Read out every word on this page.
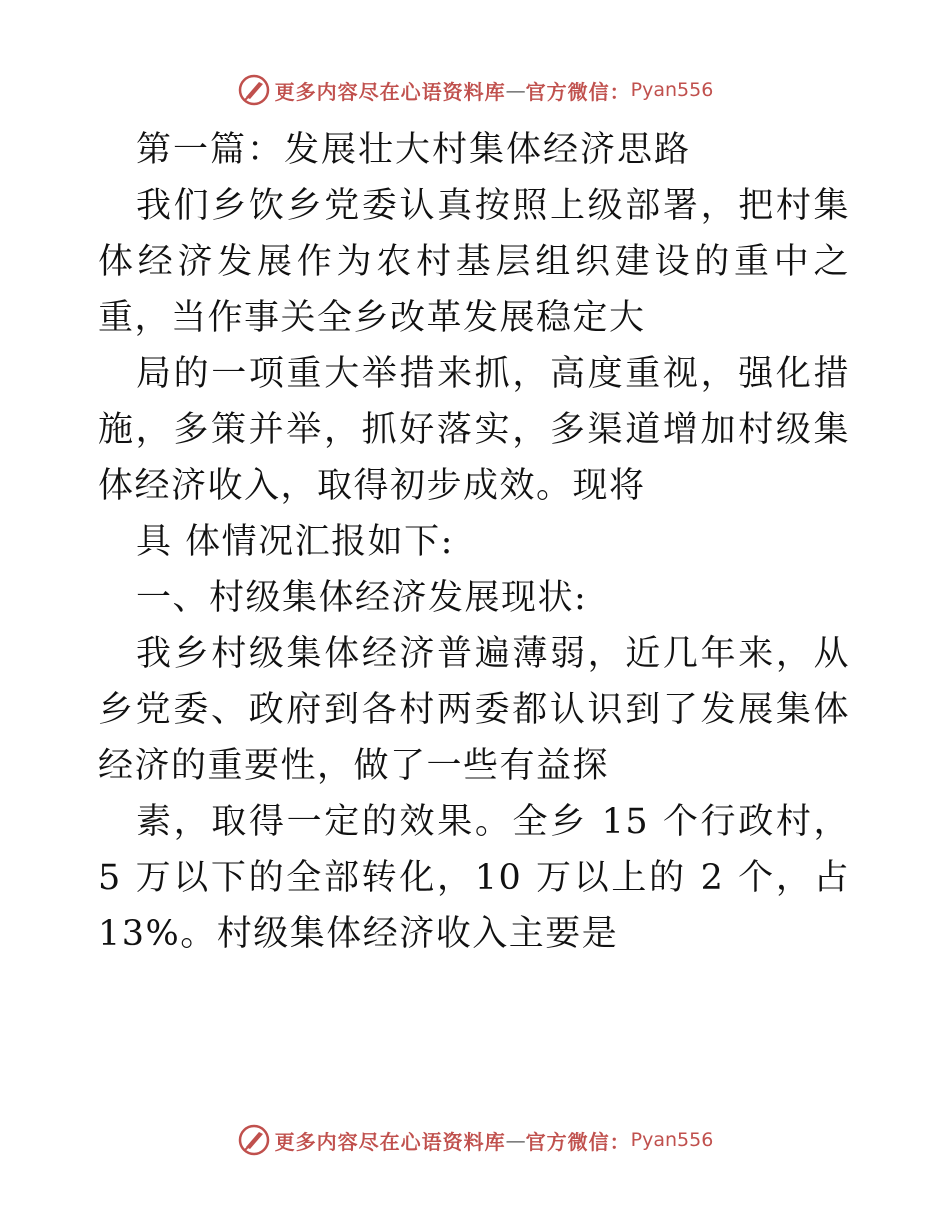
更多内容尽在心语资料库 — 官方微信： Pyan556

第一篇：发展壮大村集体经济思路

我们乡饮乡党委认真按照上级部署，把村集体经济发展作为农村基层组织建设的重中之重，当作事关全乡改革发展稳定大

局的一项重大举措来抓，高度重视，强化措施，多策并举，抓好落实，多渠道增加村级集体经济收入，取得初步成效。现将

具 体情况汇报如下:

一、村级集体经济发展现状:

我乡村级集体经济普遍薄弱，近几年来，从乡党委、政府到各村两委都认识到了发展集体经济的重要性，做了一些有益探

素，取得一定的效果。全乡 15 个行政村，5 万以下的全部转化，10 万以上的 2 个，占 13%。村级集体经济收入主要是

更多内容尽在心语资料库 — 官方微信： Pyan556
